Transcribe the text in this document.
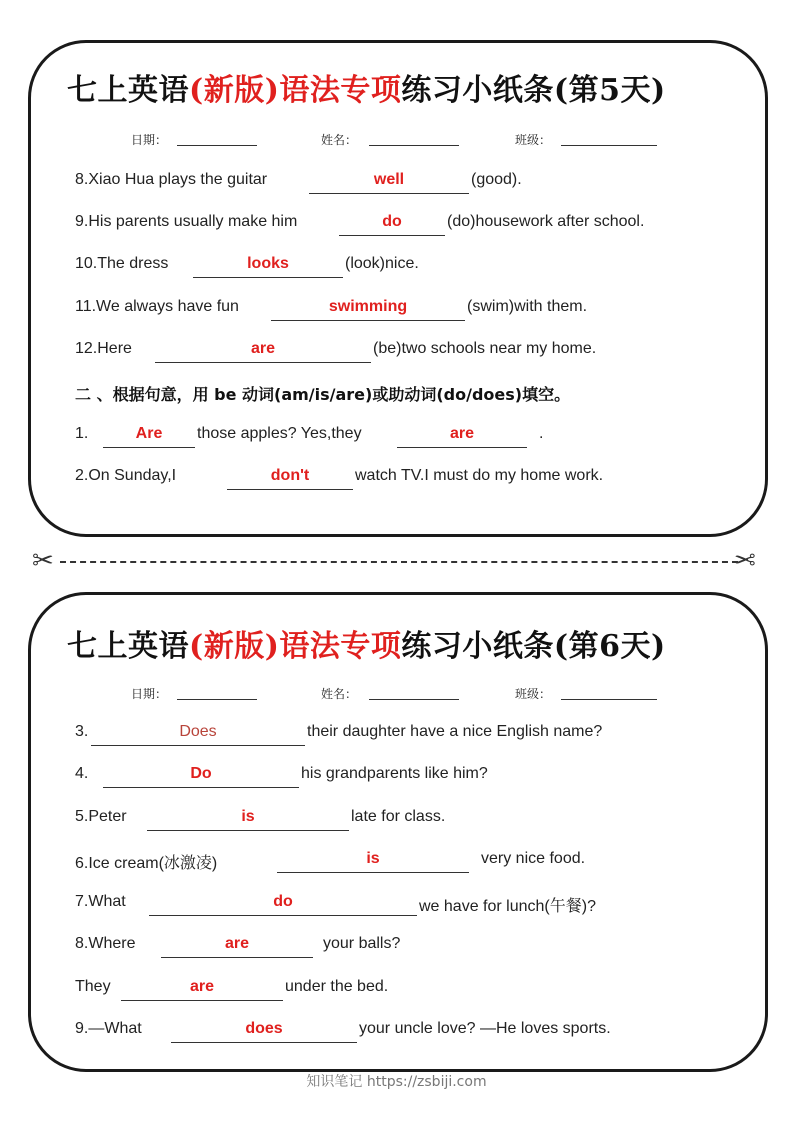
七上英语(新版)语法专项练习小纸条(第5天)
日期：	姓名：	班级：
8.Xiao Hua plays the guitar	well	(good).
9.His parents usually make him	do	(do)housework after school.
10.The dress	looks	(look)nice.
11.We always have fun	swimming	(swim)with them.
12.Here	are	(be)two schools near my home.
二 、根据句意，用 be 动词(am/is/are)或助动词(do/does)填空。
1.	Are	those apples? Yes,they	are	.
2.On Sunday,I	don't	watch TV.I must do my home work.
✂	✂
七上英语(新版)语法专项练习小纸条(第6天)
日期：	姓名：	班级：
3.	Does	their daughter have a nice English name?
4.	Do	his grandparents like him?
5.Peter	is	late for class.
6.Ice cream(冰激凌)	is	very nice food.
7.What	do	we have for lunch(午餐)?
8.Where	are	your balls?
They	are	under the bed.
9.—What	does	your uncle love? —He loves sports.
知识笔记 https://zsbiji.com
